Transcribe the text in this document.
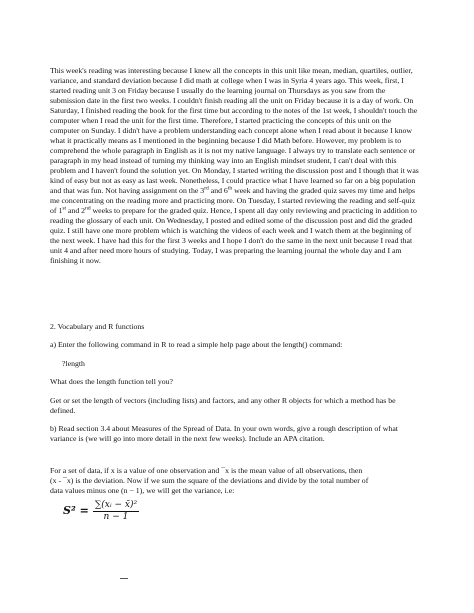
This week's reading was interesting because I knew all the concepts in this unit like mean, median, quartiles, outlier, variance, and standard deviation because I did math at college when I was in Syria 4 years ago. This week, first, I started reading unit 3 on Friday because I usually do the learning journal on Thursdays as you saw from the submission date in the first two weeks. I couldn't finish reading all the unit on Friday because it is a day of work. On Saturday, I finished reading the book for the first time but according to the notes of the 1st week, I shouldn't touch the computer when I read the unit for the first time. Therefore, I started practicing the concepts of this unit on the computer on Sunday. I didn't have a problem understanding each concept alone when I read about it because I know what it practically means as I mentioned in the beginning because I did Math before. However, my problem is to comprehend the whole paragraph in English as it is not my native language. I always try to translate each sentence or paragraph in my head instead of turning my thinking way into an English mindset student, I can't deal with this problem and I haven't found the solution yet. On Monday, I started writing the discussion post and I though that it was kind of easy but not as easy as last week. Nonetheless, I could practice what I have learned so far on a big population and that was fun. Not having assignment on the 3rd and 6th week and having the graded quiz saves my time and helps me concentrating on the reading more and practicing more. On Tuesday, I started reviewing the reading and self-quiz of 1st and 2nd weeks to prepare for the graded quiz. Hence, I spent all day only reviewing and practicing in addition to reading the glossary of each unit. On Wednesday, I posted and edited some of the discussion post and did the graded quiz. I still have one more problem which is watching the videos of each week and I watch them at the beginning of the next week. I have had this for the first 3 weeks and I hope I don't do the same in the next unit because I read that unit 4 and after need more hours of studying. Today, I was preparing the learning journal the whole day and I am finishing it now.

2. Vocabulary and R functions

a) Enter the following command in R to read a simple help page about the length() command:

?length

What does the length function tell you?

Get or set the length of vectors (including lists) and factors, and any other R objects for which a method has be defined.

b) Read section 3.4 about Measures of the Spread of Data. In your own words, give a rough description of what variance is (we will go into more detail in the next few weeks). Include an APA citation.

For a set of data, if x is a value of one observation and ¯x is the mean value of all observations, then (x - ¯x) is the deviation. Now if we sum the square of the deviations and divide by the total number of data values minus one (n − 1), we will get the variance, i.e:

$S^2 = \frac{\text{∑(xᵢ − x̄)²}}{n - 1}$
